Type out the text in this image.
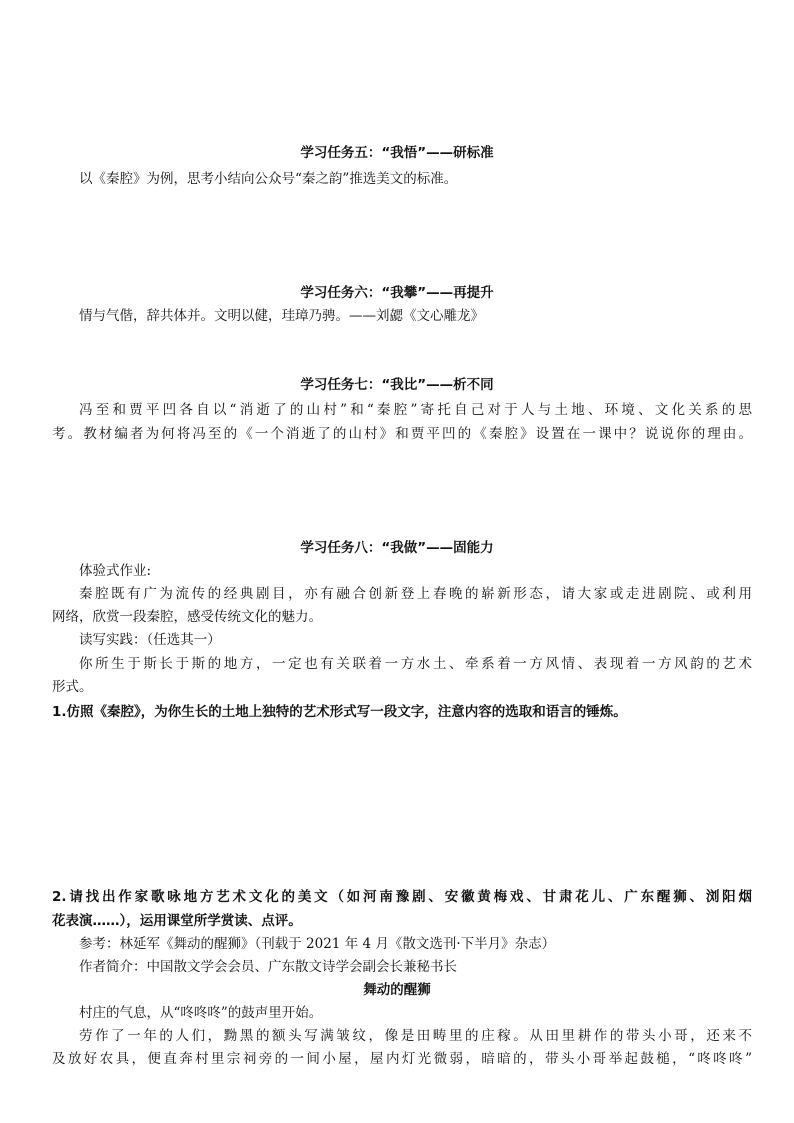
学习任务五：“我悟”——研标准
以《秦腔》为例，思考小结向公众号“秦之韵”推选美文的标准。
学习任务六：“我攀”——再提升
情与气偕，辞共体并。文明以健，珪璋乃骋。——刘勰《文心雕龙》
学习任务七：“我比”——析不同
冯至和贾平凹各自以“消逝了的山村”和“秦腔”寄托自己对于人与土地、环境、文化关系的思
考。教材编者为何将冯至的《一个消逝了的山村》和贾平凹的《秦腔》设置在一课中？说说你的理由。
学习任务八：“我做”——固能力
体验式作业:
秦腔既有广为流传的经典剧目，亦有融合创新登上春晚的崭新形态，请大家或走进剧院、或利用
网络，欣赏一段秦腔，感受传统文化的魅力。
读写实践：（任选其一）
你所生于斯长于斯的地方，一定也有关联着一方水土、牵系着一方风情、表现着一方风韵的艺术
形式。
1.仿照《秦腔》，为你生长的土地上独特的艺术形式写一段文字，注意内容的选取和语言的锤炼。
2.请找出作家歌咏地方艺术文化的美文（如河南豫剧、安徽黄梅戏、甘肃花儿、广东醒狮、浏阳烟
花表演……），运用课堂所学赏读、点评。
参考：林延军《舞动的醒狮》（刊载于 2021 年 4 月《散文选刊·下半月》杂志）
作者简介：中国散文学会会员、广东散文诗学会副会长兼秘书长
舞动的醒狮
村庄的气息，从“咚咚咚”的鼓声里开始。
劳作了一年的人们，黝黑的额头写满皱纹，像是田畴里的庄稼。从田里耕作的带头小哥，还来不
及放好农具，便直奔村里宗祠旁的一间小屋，屋内灯光微弱，暗暗的，带头小哥举起鼓槌，“咚咚咚”
